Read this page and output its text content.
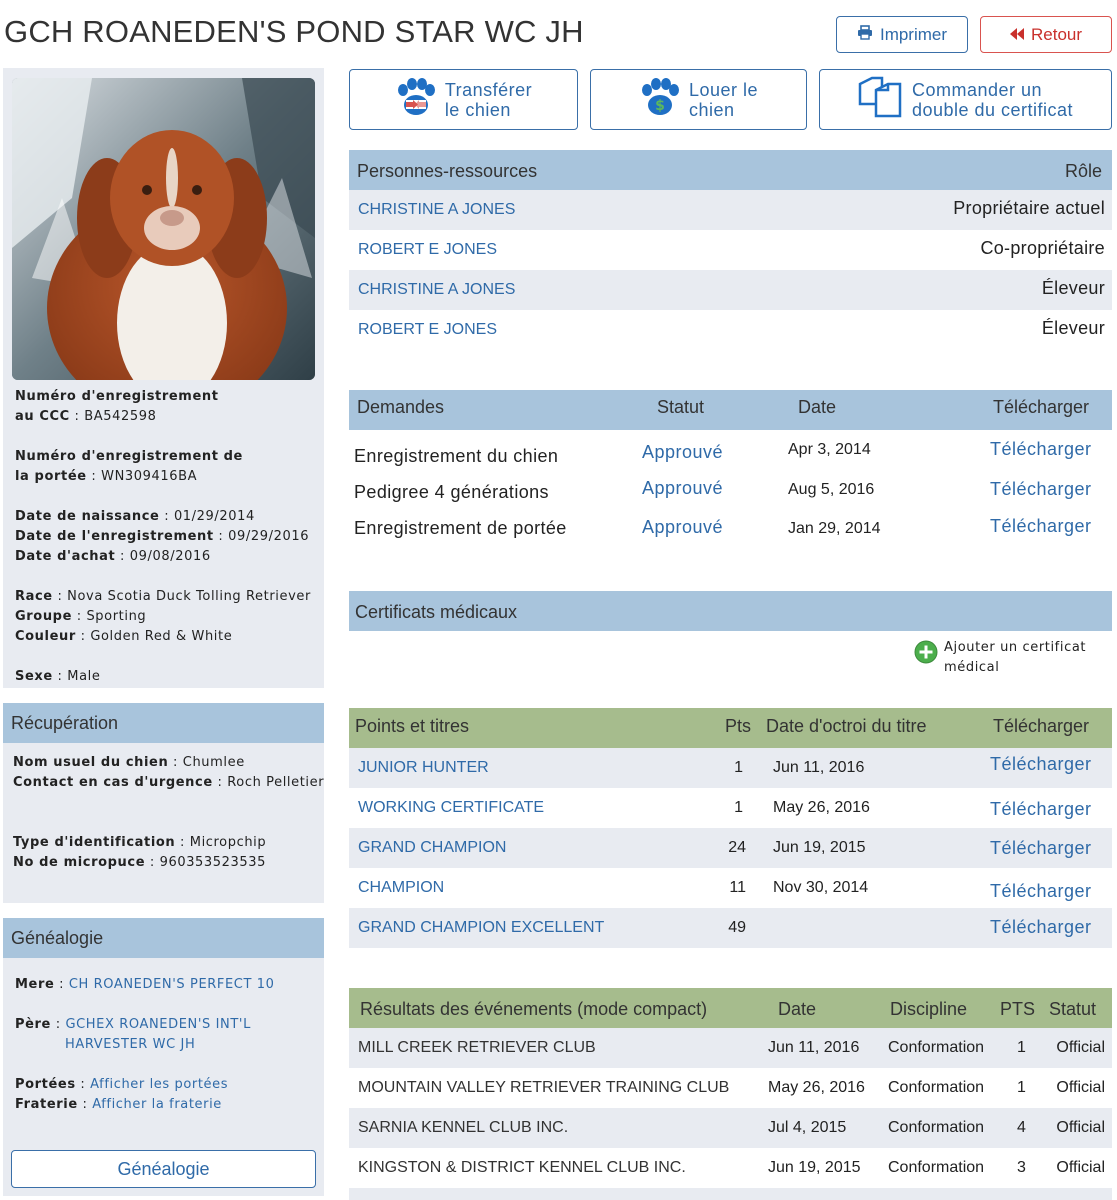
GCH ROANEDEN'S POND STAR WC JH	Imprimer	Retour
Numéro d'enregistrement
au CCC : BA542598
Numéro d'enregistrement de
la portée : WN309416BA
Date de naissance : 01/29/2014
Date de l'enregistrement : 09/29/2016
Date d'achat : 09/08/2016
Race : Nova Scotia Duck Tolling Retriever
Groupe : Sporting
Couleur : Golden Red & White
Sexe : Male
Récupération
Nom usuel du chien : Chumlee
Contact en cas d'urgence : Roch Pelletier
Type d'identification : Micropchip
No de micropuce : 960353523535
Généalogie
Mere : CH ROANEDEN'S PERFECT 10
Père : GCHEX ROANEDEN'S INT'L
HARVESTER WC JH
Portées : Afficher les portées
Fraterie : Afficher la fraterie
Généalogie
Transférer
le chien	$
Louer le
chien
Commander un
double du certificat
Personnes-ressources	Rôle
CHRISTINE A JONES	Propriétaire actuel
ROBERT E JONES	Co-propriétaire
CHRISTINE A JONES	Éleveur
ROBERT E JONES	Éleveur
Demandes	Statut	Date	Télécharger
Enregistrement du chien	Approuvé	Apr 3, 2014	Télécharger
Pedigree 4 générations	Approuvé	Aug 5, 2016	Télécharger
Enregistrement de portée	Approuvé	Jan 29, 2014	Télécharger
Certificats médicaux
Ajouter un certificat
médical
Points et titres	Pts Date d'octroi du titre	Télécharger
JUNIOR HUNTER	1 Jun 11, 2016	Télécharger
WORKING CERTIFICATE	1 May 26, 2016	Télécharger
GRAND CHAMPION	24 Jun 19, 2015	Télécharger
CHAMPION	11 Nov 30, 2014	Télécharger
GRAND CHAMPION EXCELLENT	49	Télécharger
Résultats des événements (mode compact)	Date	Discipline PTS Statut
MILL CREEK RETRIEVER CLUB	Jun 11, 2016 Conformation 1 Official
MOUNTAIN VALLEY RETRIEVER TRAINING CLUB May 26, 2016 Conformation 1 Official
SARNIA KENNEL CLUB INC.	Jul 4, 2015	Conformation 4 Official
KINGSTON & DISTRICT KENNEL CLUB INC.	Jun 19, 2015 Conformation 3 Official
